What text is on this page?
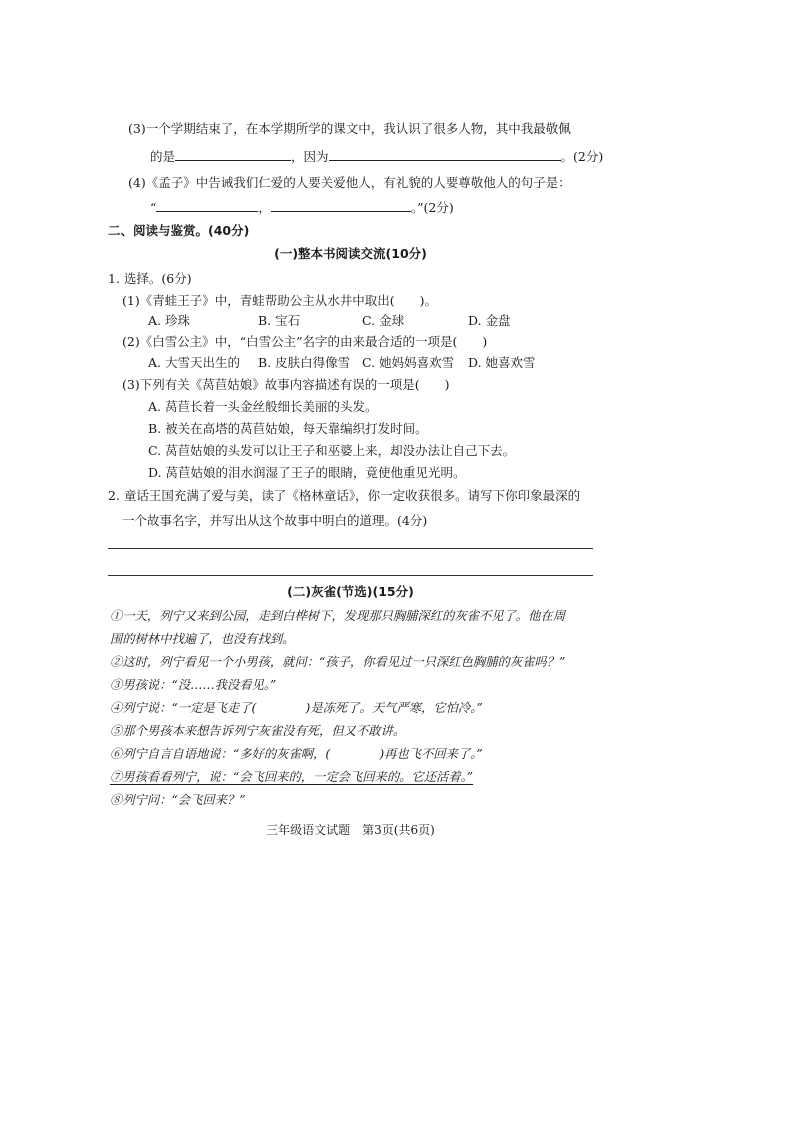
(3)一个学期结束了，在本学期所学的课文中，我认识了很多人物，其中我最敬佩
的是	，因为	。(2分)
(4)《孟子》中告诫我们仁爱的人要关爱他人，有礼貌的人要尊敬他人的句子是：
“	，	。”(2分)
二、阅读与鉴赏。(40分)
(一)整本书阅读交流(10分)
1. 选择。(6分)
(1)《青蛙王子》中，青蛙帮助公主从水井中取出(　　)。
A. 珍珠	B. 宝石	C. 金球	D. 金盘
(2)《白雪公主》中，“白雪公主”名字的由来最合适的一项是(　　)
A. 大雪天出生的 B. 皮肤白得像雪 C. 她妈妈喜欢雪 D. 她喜欢雪
(3)下列有关《莴苣姑娘》故事内容描述有误的一项是(　　)
A. 莴苣长着一头金丝般细长美丽的头发。
B. 被关在高塔的莴苣姑娘，每天靠编织打发时间。
C. 莴苣姑娘的头发可以让王子和巫婆上来，却没办法让自己下去。
D. 莴苣姑娘的泪水润湿了王子的眼睛，竟使他重见光明。
2. 童话王国充满了爱与美，读了《格林童话》，你一定收获很多。请写下你印象最深的
一个故事名字，并写出从这个故事中明白的道理。(4分)
(二)灰雀(节选)(15分)
①一天，列宁又来到公园，走到白桦树下，发现那只胸脯深红的灰雀不见了。他在周
围的树林中找遍了，也没有找到。
②这时，列宁看见一个小男孩，就问：“孩子，你看见过一只深红色胸脯的灰雀吗？”
③男孩说：“没……我没看见。”
④列宁说：“一定是飞走了(　　　　)是冻死了。天气严寒，它怕冷。”
⑤那个男孩本来想告诉列宁灰雀没有死，但又不敢讲。
⑥列宁自言自语地说：“多好的灰雀啊，(　　　　)再也飞不回来了。”
⑦男孩看看列宁，说：“会飞回来的，一定会飞回来的。它还活着。”
⑧列宁问：“会飞回来？”
三年级语文试题　第3页(共6页)
